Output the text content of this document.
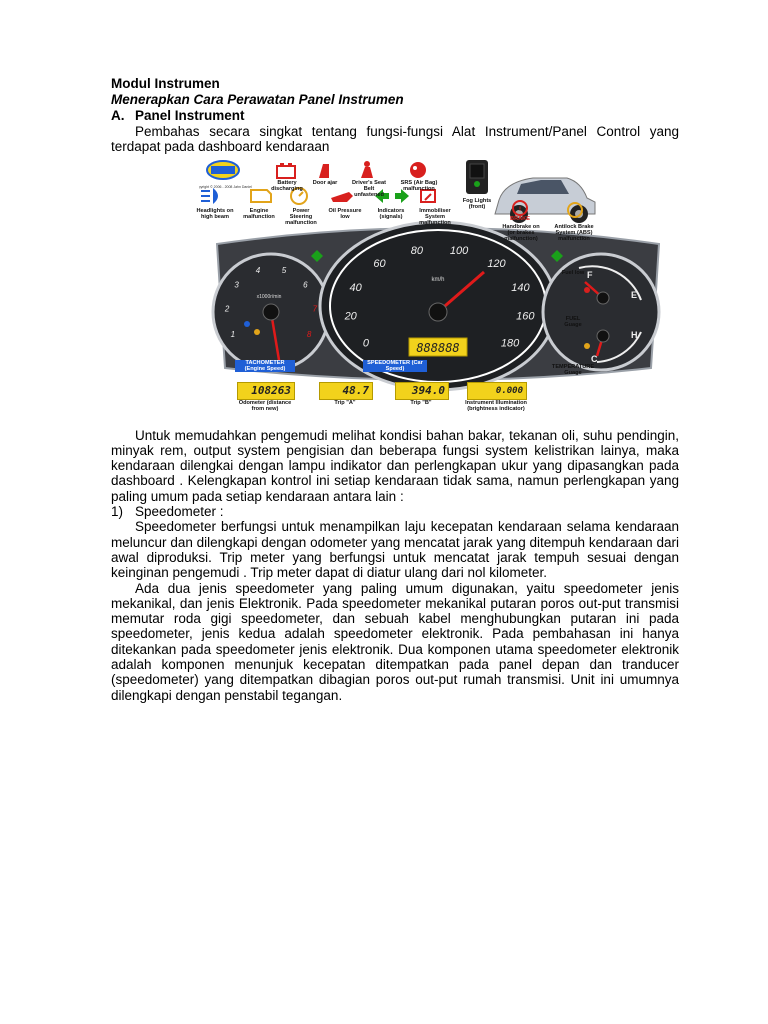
Modul Instrumen
Menerapkan Cara Perawatan Panel Instrumen
A. Panel Instrument

Pembahas secara singkat tentang fungsi-fungsi Alat Instrument/Panel Control yang terdapat pada dashboard kendaraan

Copyright © 2006 - 2008 Jahn Daniel
!
1
2
3
4	5
6
7
8
x1000r/min
0
20
40
60
80 100
120
140
160
180
km/h
888888
F
E
H
C
Battery discharging
Door ajar	Driver's Seat Belt unfastened
SRS (Air Bag) malfunction
Fog Lights (front)
Headlights on high beam
Engine malfunction
Power Steering malfunction
Oil Pressure low
Indicators (signals)
Immobiliser System malfunction
BRAKE
Handbrake on (or brakes malfunction)
Antilock Brake System (ABS) malfunction
Fuel low
FUEL Guage
TEMPERATURE Guage
TACHOMETER (Engine Speed)
SPEEDOMETER (Car Speed)
108263
Odometer (distance from new)
48.7
Trip "A"
394.0
Trip "B"
0.000
Instrument Illumination (brightness indicator)

Untuk memudahkan pengemudi melihat kondisi bahan bakar, tekanan oli, suhu pendingin, minyak rem, output system pengisian dan beberapa fungsi system kelistrikan lainya, maka kendaraan dilengkai dengan lampu indikator dan perlengkapan ukur yang dipasangkan pada dashboard . Kelengkapan kontrol ini setiap kendaraan tidak sama, namun perlengkapan yang paling umum pada setiap kendaraan antara lain :

1) Speedometer :

Speedometer berfungsi untuk menampilkan laju kecepatan kendaraan selama kendaraan meluncur dan dilengkapi dengan odometer yang mencatat jarak yang ditempuh kendaraan dari awal diproduksi. Trip meter yang berfungsi untuk mencatat jarak tempuh sesuai dengan keinginan pengemudi . Trip meter dapat di diatur ulang dari nol kilometer.

Ada dua jenis speedometer yang paling umum digunakan, yaitu speedometer jenis mekanikal, dan jenis Elektronik. Pada speedometer mekanikal putaran poros out-put transmisi memutar roda gigi speedometer, dan sebuah kabel menghubungkan putaran ini pada speedometer, jenis kedua adalah speedometer elektronik. Pada pembahasan ini hanya ditekankan pada speedometer jenis elektronik. Dua komponen utama speedometer elektronik adalah komponen menunjuk kecepatan ditempatkan pada panel depan dan tranducer (speedometer) yang ditempatkan dibagian poros out-put rumah transmisi. Unit ini umumnya dilengkapi dengan penstabil tegangan.
